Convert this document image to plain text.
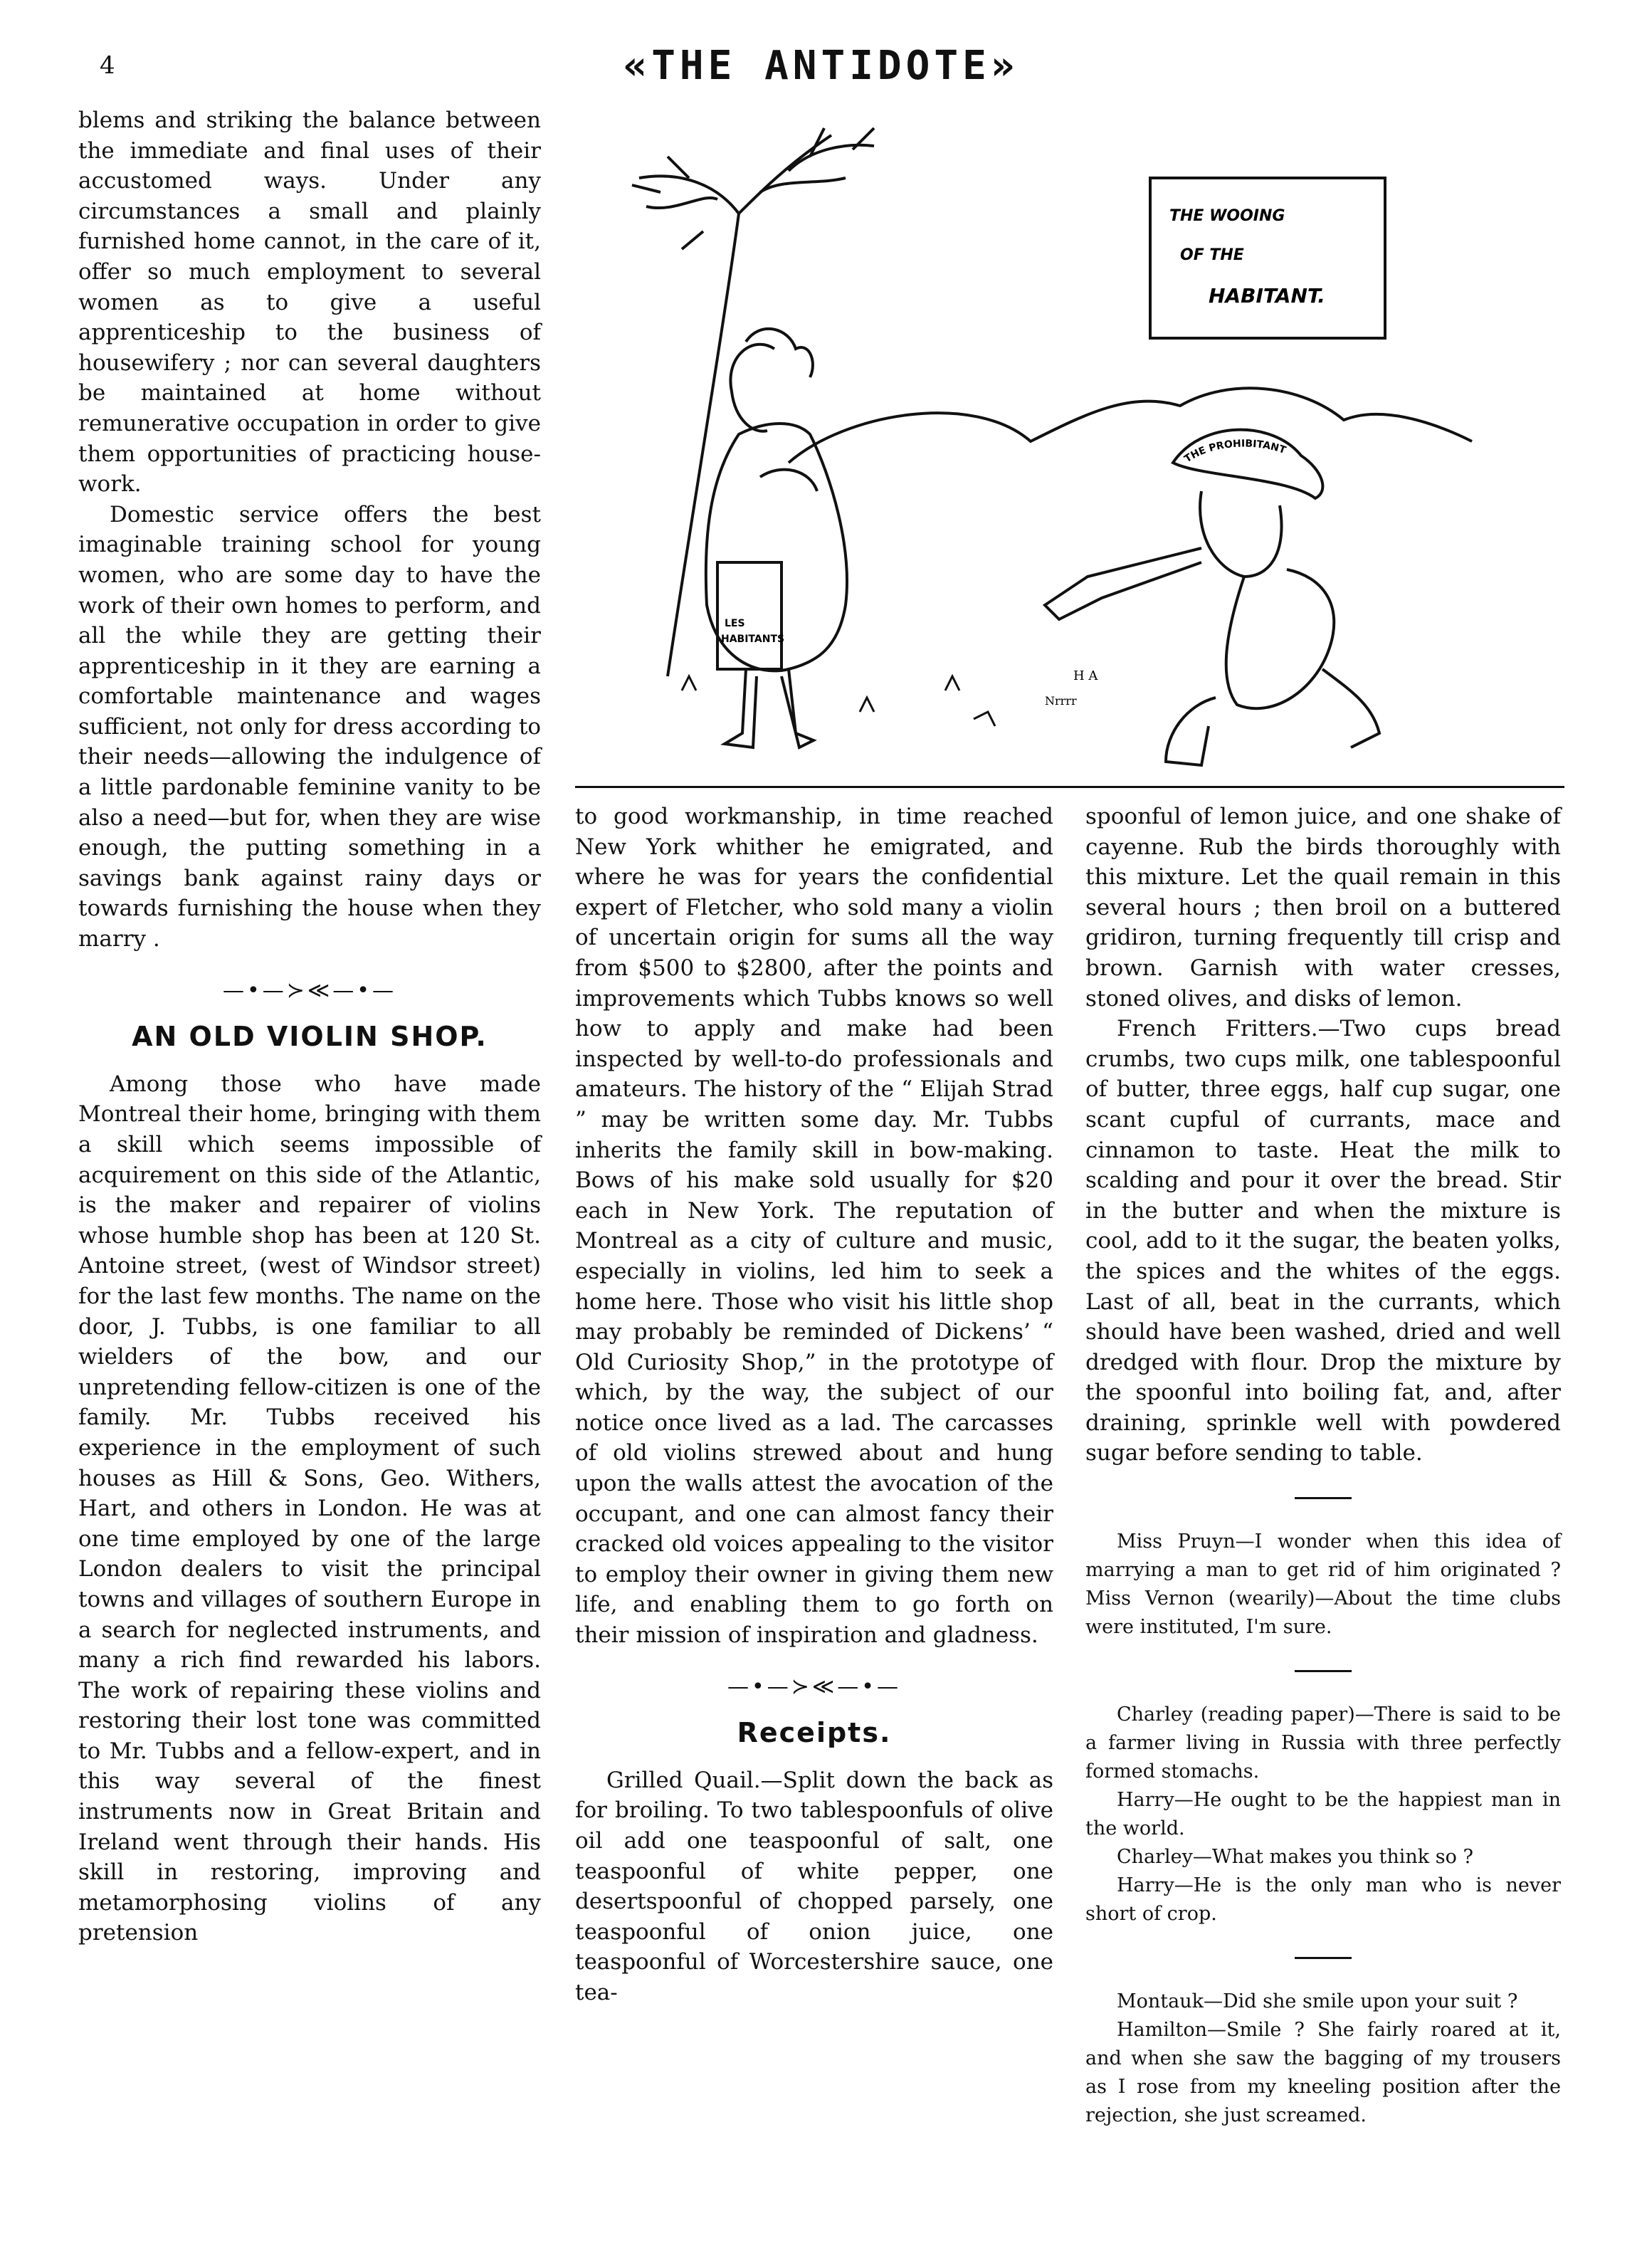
4	«THE ANTIDOTE»

blems and striking the balance between the immediate and final uses of their accustomed ways. Under any circumstances a small and plainly furnished home cannot, in the care of it, offer so much employment to several women as to give a useful apprenticeship to the business of housewifery ; nor can several daughters be maintained at home without remunerative occupation in order to give them opportunities of practicing house-work.

Domestic service offers the best imaginable training school for young women, who are some day to have the work of their own homes to perform, and all the while they are getting their apprenticeship in it they are earning a comfortable maintenance and wages sufficient, not only for dress according to their needs—allowing the indulgence of a little pardonable feminine vanity to be also a need—but for, when they are wise enough, the putting something in a savings bank against rainy days or towards furnishing the house when they marry .

—•—≻≪—•—
AN OLD VIOLIN SHOP.

Among those who have made Montreal their home, bringing with them a skill which seems impossible of acquirement on this side of the Atlantic, is the maker and repairer of violins whose humble shop has been at 120 St. Antoine street, (west of Windsor street) for the last few months. The name on the door, J. Tubbs, is one familiar to all wielders of the bow, and our unpretending fellow-citizen is one of the family. Mr. Tubbs received his experience in the employment of such houses as Hill & Sons, Geo. Withers, Hart, and others in London. He was at one time employed by one of the large London dealers to visit the principal towns and villages of southern Europe in a search for neglected instruments, and many a rich find rewarded his labors. The work of repairing these violins and restoring their lost tone was committed to Mr. Tubbs and a fellow-expert, and in this way several of the finest instruments now in Great Britain and Ireland went through their hands. His skill in restoring, improving and metamorphosing violins of any pretension

THE WOOING
OF THE
HABITANT.
LES
HABITANTS
THE PROHIBITANT
H A
Nrrrr

to good workmanship, in time reached New York whither he emigrated, and where he was for years the confidential expert of Fletcher, who sold many a violin of uncertain origin for sums all the way from $500 to $2800, after the points and improvements which Tubbs knows so well how to apply and make had been inspected by well-to-do professionals and amateurs. The history of the “ Elijah Strad ” may be written some day. Mr. Tubbs inherits the family skill in bow-making. Bows of his make sold usually for $20 each in New York. The reputation of Montreal as a city of culture and music, especially in violins, led him to seek a home here. Those who visit his little shop may probably be reminded of Dickens’ “ Old Curiosity Shop,” in the prototype of which, by the way, the subject of our notice once lived as a lad. The carcasses of old violins strewed about and hung upon the walls attest the avocation of the occupant, and one can almost fancy their cracked old voices appealing to the visitor to employ their owner in giving them new life, and enabling them to go forth on their mission of inspiration and gladness.

—•—≻≪—•—
Receipts.

Grilled Quail.—Split down the back as for broiling. To two tablespoonfuls of olive oil add one teaspoonful of salt, one teaspoonful of white pepper, one desertspoonful of chopped parsely, one teaspoonful of onion juice, one teaspoonful of Worcestershire sauce, one tea-

spoonful of lemon juice, and one shake of cayenne. Rub the birds thoroughly with this mixture. Let the quail remain in this several hours ; then broil on a buttered gridiron, turning frequently till crisp and brown. Garnish with water cresses, stoned olives, and disks of lemon.

French Fritters.—Two cups bread crumbs, two cups milk, one tablespoonful of butter, three eggs, half cup sugar, one scant cupful of currants, mace and cinnamon to taste. Heat the milk to scalding and pour it over the bread. Stir in the butter and when the mixture is cool, add to it the sugar, the beaten yolks, the spices and the whites of the eggs. Last of all, beat in the currants, which should have been washed, dried and well dredged with flour. Drop the mixture by the spoonful into boiling fat, and, after draining, sprinkle well with powdered sugar before sending to table.

Miss Pruyn—I wonder when this idea of marrying a man to get rid of him originated ? Miss Vernon (wearily)—About the time clubs were instituted, I'm sure.

Charley (reading paper)—There is said to be a farmer living in Russia with three perfectly formed stomachs.

Harry—He ought to be the happiest man in the world.

Charley—What makes you think so ?

Harry—He is the only man who is never short of crop.

Montauk—Did she smile upon your suit ?

Hamilton—Smile ? She fairly roared at it, and when she saw the bagging of my trousers as I rose from my kneeling position after the rejection, she just screamed.
